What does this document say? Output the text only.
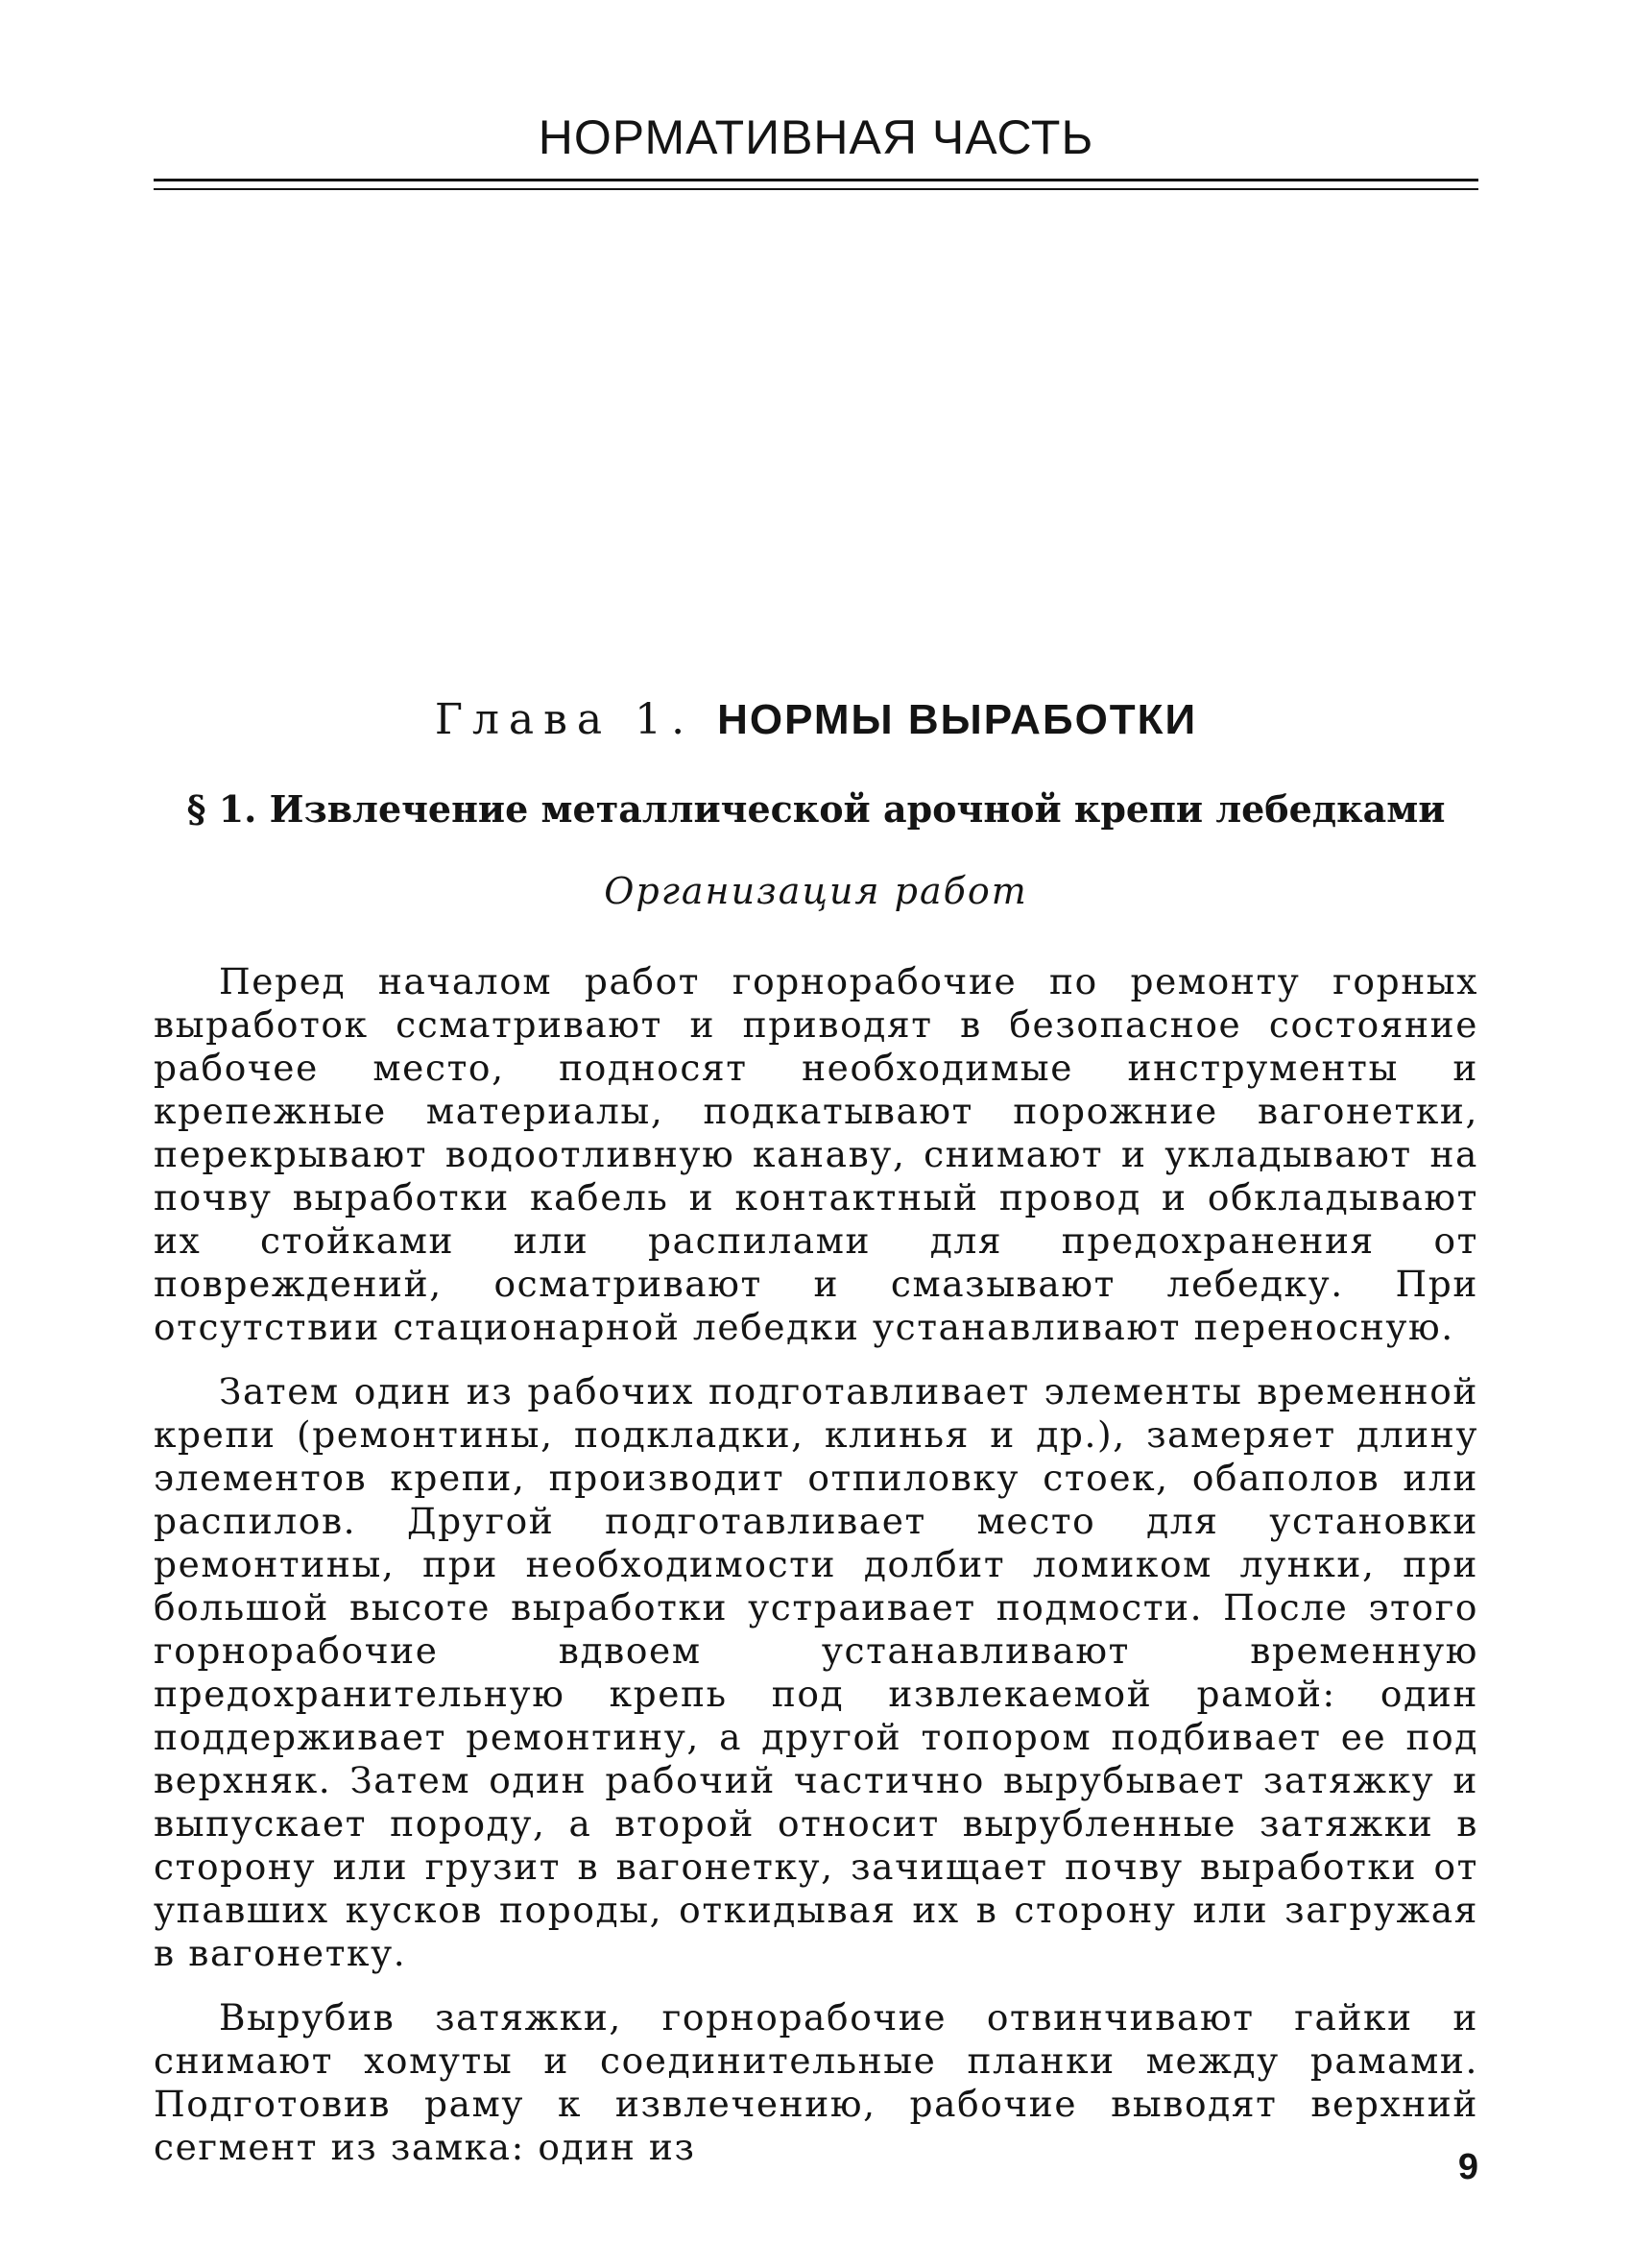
НОРМАТИВНАЯ ЧАСТЬ
Глава 1. НОРМЫ ВЫРАБОТКИ
§ 1. Извлечение металлической арочной крепи лебедками
Организация работ

Перед началом работ горнорабочие по ремонту горных выработок ссматривают и приводят в безопасное состояние рабочее место, подносят необходимые инструменты и крепежные материалы, подкатывают порожние вагонетки, перекрывают водоотливную канаву, снимают и укладывают на почву выработки кабель и контактный провод и обкладывают их стойками или распилами для предохранения от повреждений, осматривают и смазывают лебедку. При отсутствии стационарной лебедки устанавливают переносную.

Затем один из рабочих подготавливает элементы временной крепи (ремонтины, подкладки, клинья и др.), замеряет длину элементов крепи, производит отпиловку стоек, обаполов или распилов. Другой подготавливает место для установки ремонтины, при необходимости долбит ломиком лунки, при большой высоте выработки устраивает подмости. После этого горнорабочие вдвоем устанавливают временную предохранительную крепь под извлекаемой рамой: один поддерживает ремонтину, а другой топором подбивает ее под верхняк. Затем один рабочий частично вырубывает затяжку и выпускает породу, а второй относит вырубленные затяжки в сторону или грузит в вагонетку, зачищает почву выработки от упавших кусков породы, откидывая их в сторону или загружая в вагонетку.

Вырубив затяжки, горнорабочие отвинчивают гайки и снимают хомуты и соединительные планки между рамами. Подготовив раму к извлечению, рабочие выводят верхний сегмент из замка: один из	9
